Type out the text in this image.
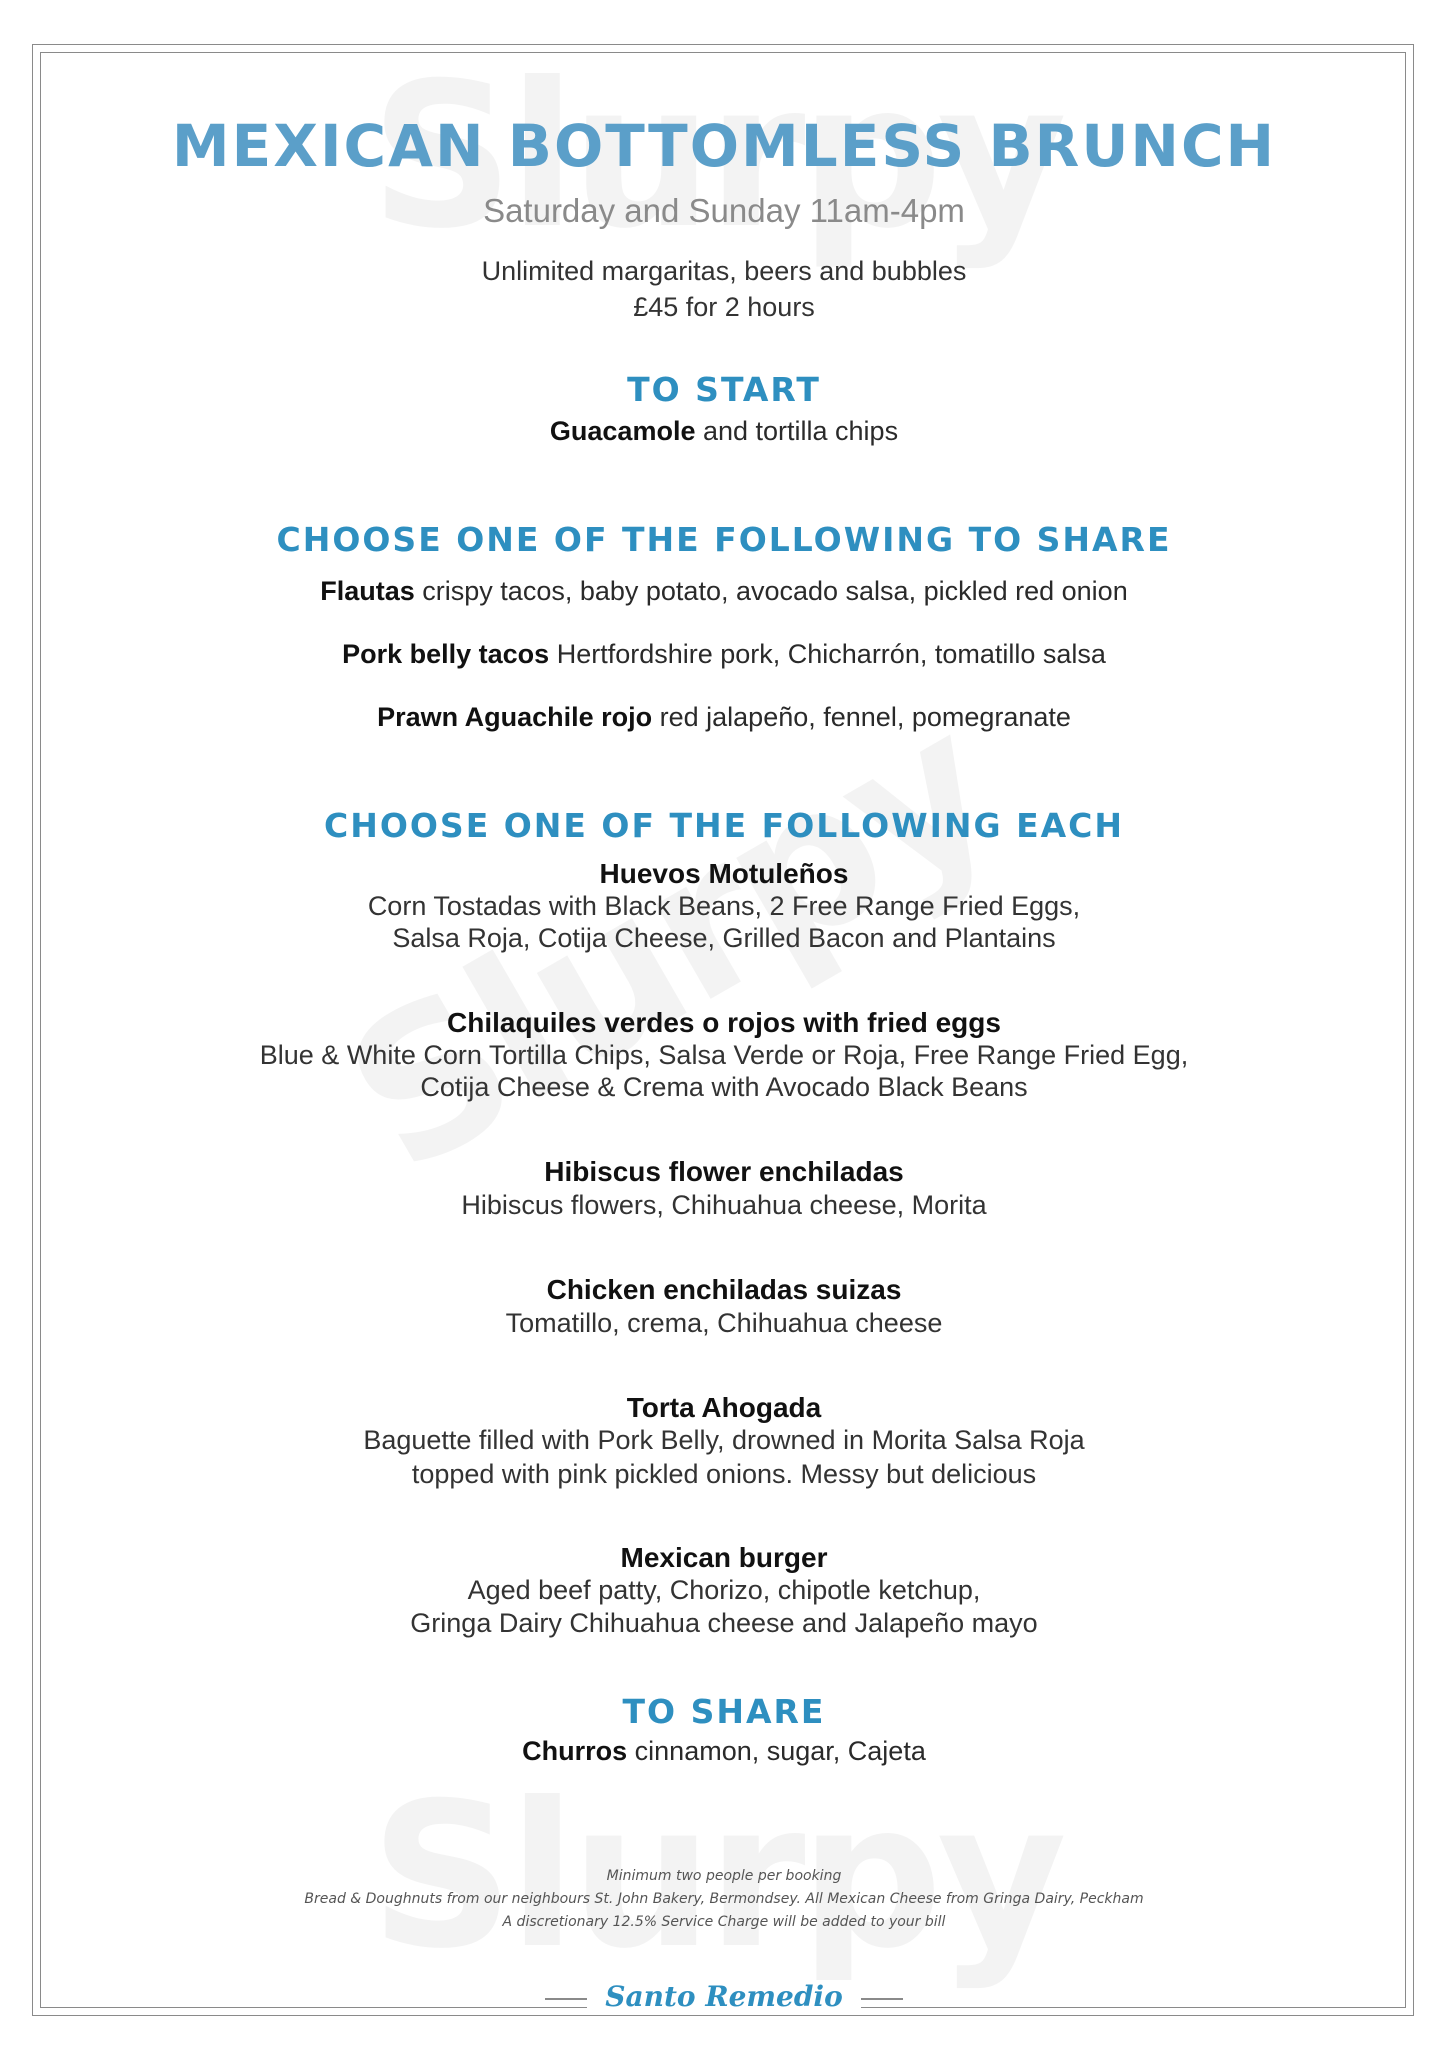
MEXICAN BOTTOMLESS BRUNCH
Saturday and Sunday 11am-4pm
Unlimited margaritas, beers and bubbles
£45 for 2 hours
TO START
Guacamole and tortilla chips
CHOOSE ONE OF THE FOLLOWING TO SHARE
Flautas crispy tacos, baby potato, avocado salsa, pickled red onion
Pork belly tacos Hertfordshire pork, Chicharrón, tomatillo salsa
Prawn Aguachile rojo red jalapeño, fennel, pomegranate
CHOOSE ONE OF THE FOLLOWING EACH
Huevos Motuleños
Corn Tostadas with Black Beans, 2 Free Range Fried Eggs,
Salsa Roja, Cotija Cheese, Grilled Bacon and Plantains
Chilaquiles verdes o rojos with fried eggs
Blue & White Corn Tortilla Chips, Salsa Verde or Roja, Free Range Fried Egg,
Cotija Cheese & Crema with Avocado Black Beans
Hibiscus flower enchiladas
Hibiscus flowers, Chihuahua cheese, Morita
Chicken enchiladas suizas
Tomatillo, crema, Chihuahua cheese
Torta Ahogada
Baguette filled with Pork Belly, drowned in Morita Salsa Roja
topped with pink pickled onions. Messy but delicious
Mexican burger
Aged beef patty, Chorizo, chipotle ketchup,
Gringa Dairy Chihuahua cheese and Jalapeño mayo
TO SHARE
Churros cinnamon, sugar, Cajeta
Minimum two people per booking
Bread & Doughnuts from our neighbours St. John Bakery, Bermondsey. All Mexican Cheese from Gringa Dairy, Peckham
A discretionary 12.5% Service Charge will be added to your bill
Santo Remedio
